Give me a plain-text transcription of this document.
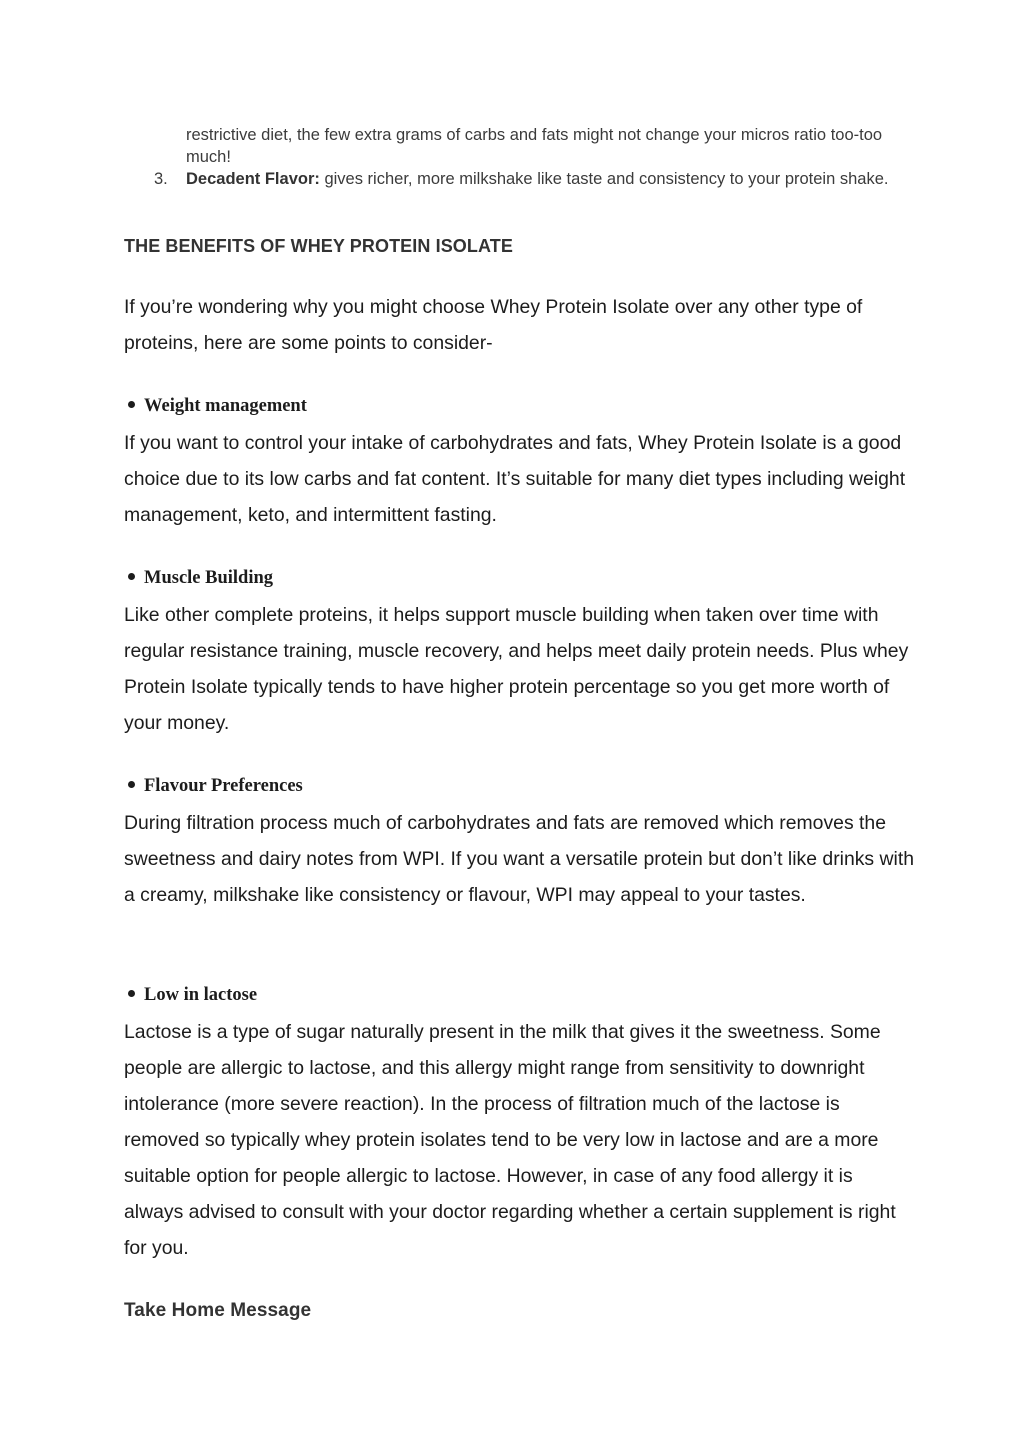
restrictive diet, the few extra grams of carbs and fats might not change your micros ratio too-too much!
3. Decadent Flavor: gives richer, more milkshake like taste and consistency to your protein shake.
THE BENEFITS OF WHEY PROTEIN ISOLATE
If you’re wondering why you might choose Whey Protein Isolate over any other type of proteins, here are some points to consider-
Weight management
If you want to control your intake of carbohydrates and fats, Whey Protein Isolate is a good choice due to its low carbs and fat content. It’s suitable for many diet types including weight management, keto, and intermittent fasting.
Muscle Building
Like other complete proteins, it helps support muscle building when taken over time with regular resistance training, muscle recovery, and helps meet daily protein needs. Plus whey Protein Isolate typically tends to have higher protein percentage so you get more worth of your money.
Flavour Preferences
During filtration process much of carbohydrates and fats are removed which removes the sweetness and dairy notes from WPI. If you want a versatile protein but don’t like drinks with a creamy, milkshake like consistency or flavour, WPI may appeal to your tastes.
Low in lactose
Lactose is a type of sugar naturally present in the milk that gives it the sweetness. Some people are allergic to lactose, and this allergy might range from sensitivity to downright intolerance (more severe reaction). In the process of filtration much of the lactose is removed so typically whey protein isolates tend to be very low in lactose and are a more suitable option for people allergic to lactose. However, in case of any food allergy it is always advised to consult with your doctor regarding whether a certain supplement is right for you.
Take Home Message
